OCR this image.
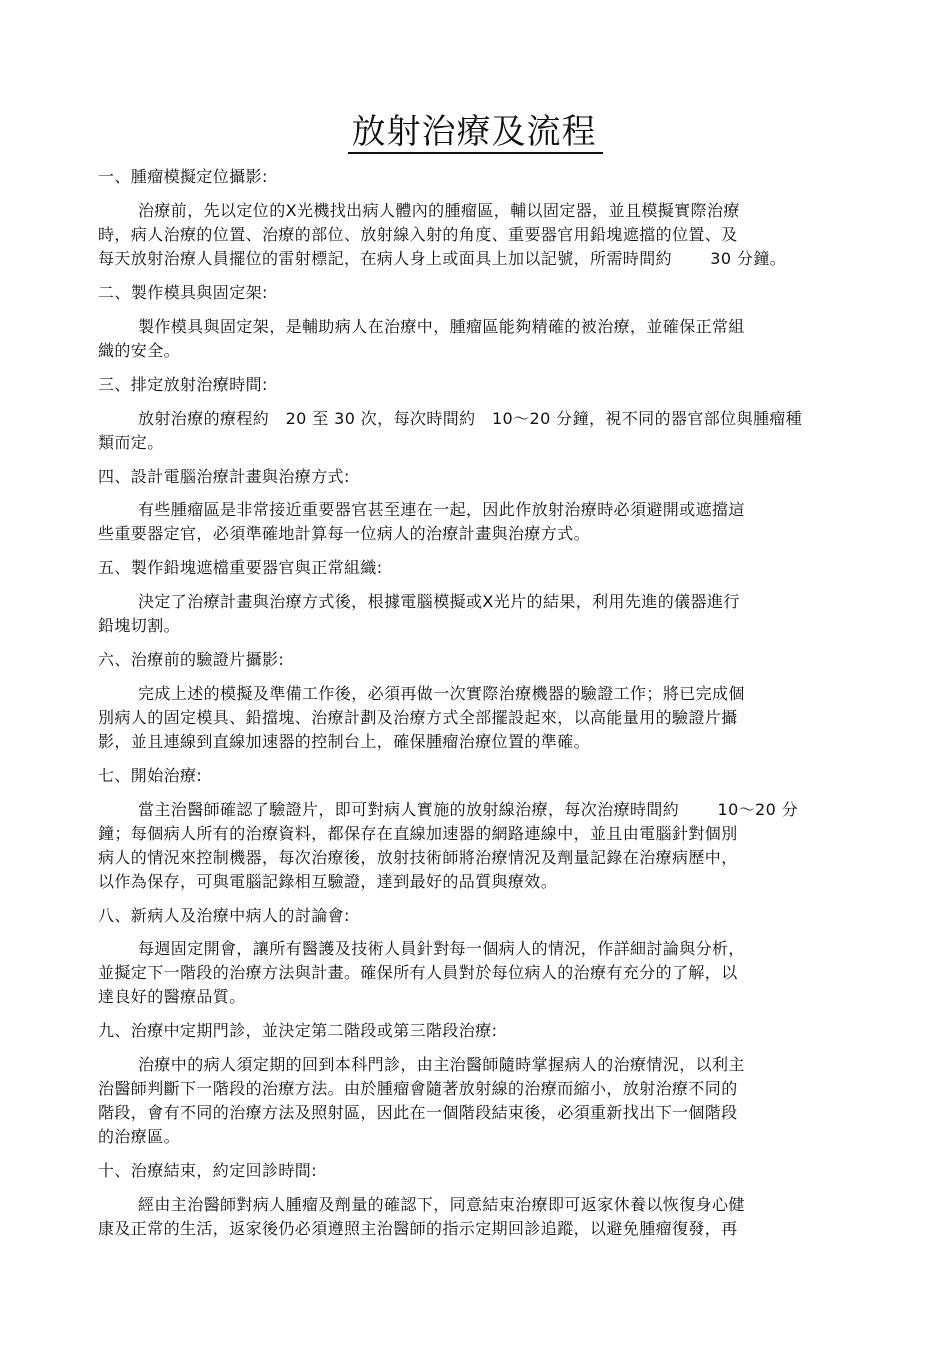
放射治療及流程
一、腫瘤模擬定位攝影:
治療前，先以定位的X光機找出病人體內的腫瘤區，輔以固定器，並且模擬實際治療
時，病人治療的位置、治療的部位、放射線入射的角度、重要器官用鉛塊遮擋的位置、及
每天放射治療人員擺位的雷射標記，在病人身上或面具上加以記號，所需時間約　　 30 分鐘。
二、製作模具與固定架:
製作模具與固定架，是輔助病人在治療中，腫瘤區能夠精確的被治療，並確保正常組
織的安全。
三、排定放射治療時間:
放射治療的療程約　20 至 30 次，每次時間約　10～20 分鐘，視不同的器官部位與腫瘤種
類而定。
四、設計電腦治療計畫與治療方式:
有些腫瘤區是非常接近重要器官甚至連在一起，因此作放射治療時必須避開或遮擋這
些重要器定官，必須準確地計算每一位病人的治療計畫與治療方式。
五、製作鉛塊遮檔重要器官與正常組織:
決定了治療計畫與治療方式後，根據電腦模擬或X光片的結果，利用先進的儀器進行
鉛塊切割。
六、治療前的驗證片攝影:
完成上述的模擬及準備工作後，必須再做一次實際治療機器的驗證工作；將已完成個
別病人的固定模具、鉛擋塊、治療計劃及治療方式全部擺設起來，以高能量用的驗證片攝
影，並且連線到直線加速器的控制台上，確保腫瘤治療位置的準確。
七、開始治療:
當主治醫師確認了驗證片，即可對病人實施的放射線治療，每次治療時間約　　 10～20 分
鐘；每個病人所有的治療資料，都保存在直線加速器的網路連線中，並且由電腦針對個別
病人的情況來控制機器，每次治療後，放射技術師將治療情況及劑量記錄在治療病歷中，
以作為保存，可與電腦記錄相互驗證，達到最好的品質與療效。
八、新病人及治療中病人的討論會:
每週固定開會，讓所有醫護及技術人員針對每一個病人的情況，作詳細討論與分析，
並擬定下一階段的治療方法與計畫。確保所有人員對於每位病人的治療有充分的了解，以
達良好的醫療品質。
九、治療中定期門診，並決定第二階段或第三階段治療:
治療中的病人須定期的回到本科門診，由主治醫師隨時掌握病人的治療情況，以利主
治醫師判斷下一階段的治療方法。由於腫瘤會隨著放射線的治療而縮小，放射治療不同的
階段，會有不同的治療方法及照射區，因此在一個階段結束後，必須重新找出下一個階段
的治療區。
十、治療結束，約定回診時間:
經由主治醫師對病人腫瘤及劑量的確認下，同意結束治療即可返家休養以恢復身心健
康及正常的生活，返家後仍必須遵照主治醫師的指示定期回診追蹤，以避免腫瘤復發，再
